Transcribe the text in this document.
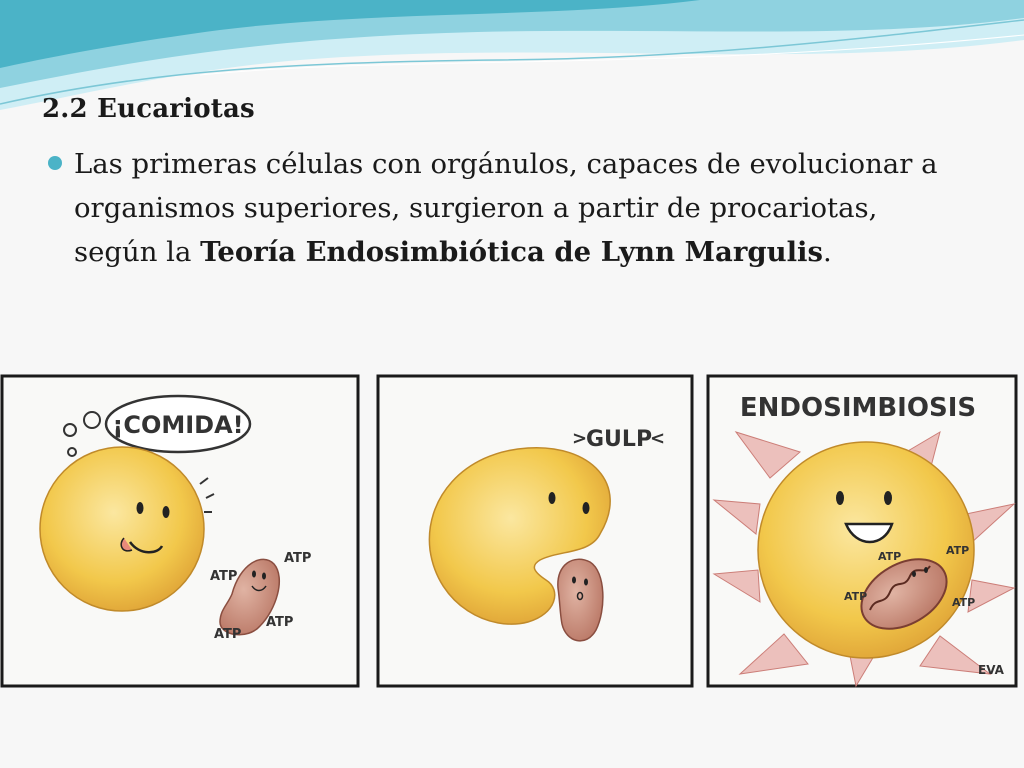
2.2 Eucariotas

Las primeras células con orgánulos, capaces de evolucionar a organismos superiores, surgieron a partir de procariotas, según la Teoría Endosimbiótica de Lynn Margulis.

¡COMIDA!
ATP
ATP
ATP
ATP
>
GULP
<
ENDOSIMBIOSIS
ATP	ATP
ATP	ATP
EVA
